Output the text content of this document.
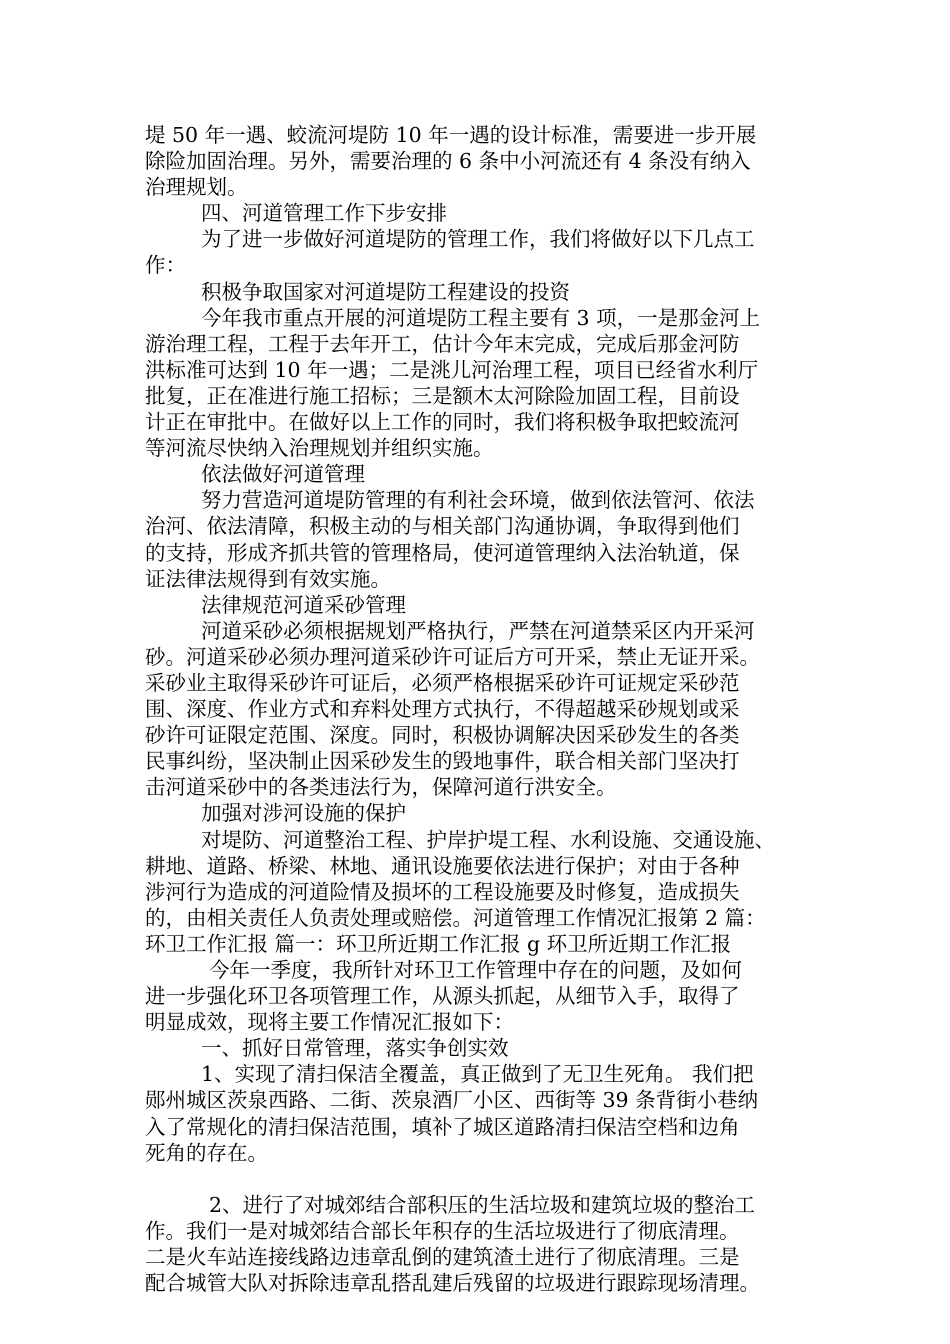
堤 50 年一遇、蛟流河堤防 10 年一遇的设计标准，需要进一步开展
除险加固治理。另外，需要治理的 6 条中小河流还有 4 条没有纳入
治理规划。
四、河道管理工作下步安排
为了进一步做好河道堤防的管理工作，我们将做好以下几点工
作：
积极争取国家对河道堤防工程建设的投资
今年我市重点开展的河道堤防工程主要有 3 项，一是那金河上
游治理工程，工程于去年开工，估计今年末完成，完成后那金河防
洪标准可达到 10 年一遇；二是洮儿河治理工程，项目已经省水利厅
批复，正在准进行施工招标；三是额木太河除险加固工程，目前设
计正在审批中。在做好以上工作的同时，我们将积极争取把蛟流河
等河流尽快纳入治理规划并组织实施。
依法做好河道管理
努力营造河道堤防管理的有利社会环境，做到依法管河、依法
治河、依法清障，积极主动的与相关部门沟通协调，争取得到他们
的支持，形成齐抓共管的管理格局，使河道管理纳入法治轨道，保
证法律法规得到有效实施。
法律规范河道采砂管理
河道采砂必须根据规划严格执行，严禁在河道禁采区内开采河
砂。河道采砂必须办理河道采砂许可证后方可开采，禁止无证开采。
采砂业主取得采砂许可证后，必须严格根据采砂许可证规定采砂范
围、深度、作业方式和弃料处理方式执行，不得超越采砂规划或采
砂许可证限定范围、深度。同时，积极协调解决因采砂发生的各类
民事纠纷，坚决制止因采砂发生的毁地事件，联合相关部门坚决打
击河道采砂中的各类违法行为，保障河道行洪安全。
加强对涉河设施的保护
对堤防、河道整治工程、护岸护堤工程、水利设施、交通设施、
耕地、道路、桥梁、林地、通讯设施要依法进行保护；对由于各种
涉河行为造成的河道险情及损坏的工程设施要及时修复，造成损失
的，由相关责任人负责处理或赔偿。河道管理工作情况汇报第 2 篇：
环卫工作汇报 篇一：环卫所近期工作汇报 g 环卫所近期工作汇报
今年一季度，我所针对环卫工作管理中存在的问题，及如何
进一步强化环卫各项管理工作，从源头抓起，从细节入手，取得了
明显成效，现将主要工作情况汇报如下：
一、抓好日常管理，落实争创实效
1、实现了清扫保洁全覆盖，真正做到了无卫生死角。 我们把
郧州城区茨泉西路、二街、茨泉酒厂小区、西街等 39 条背街小巷纳
入了常规化的清扫保洁范围，填补了城区道路清扫保洁空档和边角
死角的存在。
2、进行了对城郊结合部积压的生活垃圾和建筑垃圾的整治工
作。我们一是对城郊结合部长年积存的生活垃圾进行了彻底清理。
二是火车站连接线路边违章乱倒的建筑渣土进行了彻底清理。三是
配合城管大队对拆除违章乱搭乱建后残留的垃圾进行跟踪现场清理。
